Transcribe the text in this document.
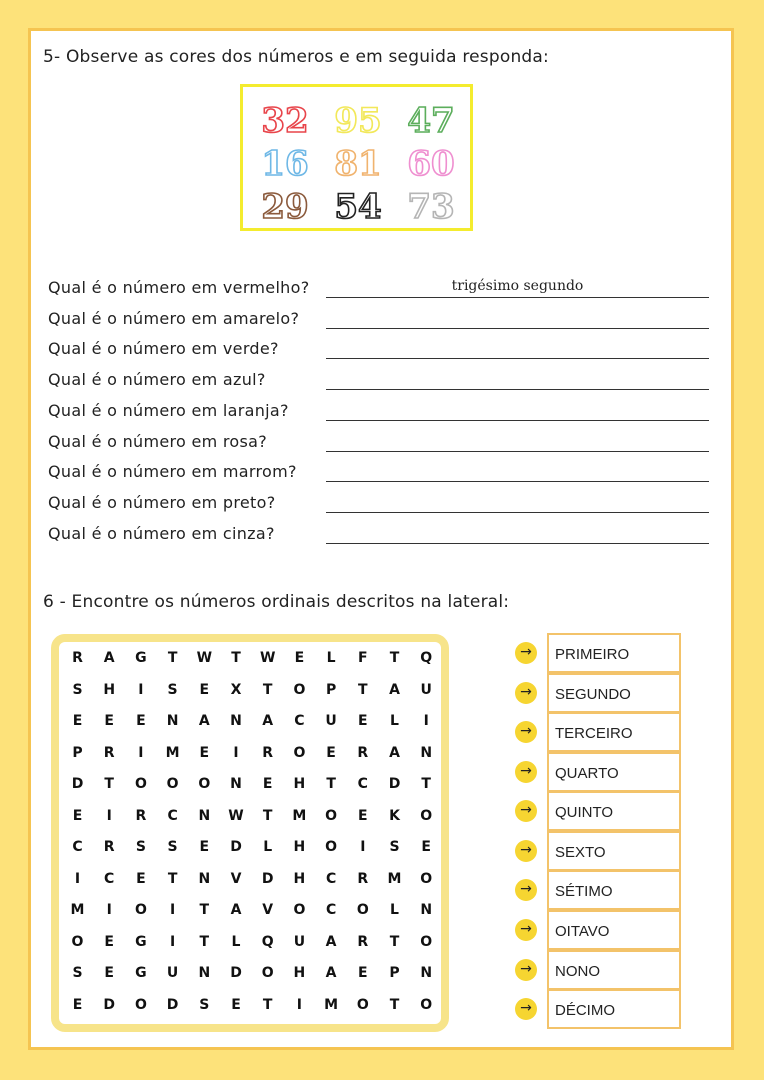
5- Observe as cores dos números e em seguida responda:
32 95 47
16 81 60
29 54 73
Qual é o número em vermelho?	trigésimo segundo
Qual é o número em amarelo?
Qual é o número em verde?
Qual é o número em azul?
Qual é o número em laranja?
Qual é o número em rosa?
Qual é o número em marrom?
Qual é o número em preto?
Qual é o número em cinza?
6 - Encontre os números ordinais descritos na lateral:
R	A	G	T	W	T	W	E	L	F	T	Q
S	H	I	S	E	X	T	O	P	T	A	U
E	E	E	N	A	N	A	C	U	E	L	I
P	R	I	M	E	I	R	O	E	R	A	N
D	T	O	O	O	N	E	H	T	C	D	T
E	I	R	C	N	W	T	M	O	E	K	O
C	R	S	S	E	D	L	H	O	I	S	E
I	C	E	T	N	V	D	H	C	R	M	O
M	I	O	I	T	A	V	O	C	O	L	N
O	E	G	I	T	L	Q	U	A	R	T	O
S	E	G	U	N	D	O	H	A	E	P	N
E	D	O	D	S	E	T	I	M	O	T	O
→	PRIMEIRO
→	SEGUNDO
→	TERCEIRO
→	QUARTO
→	QUINTO
→	SEXTO
→	SÉTIMO
→	OITAVO
→	NONO
→	DÉCIMO
